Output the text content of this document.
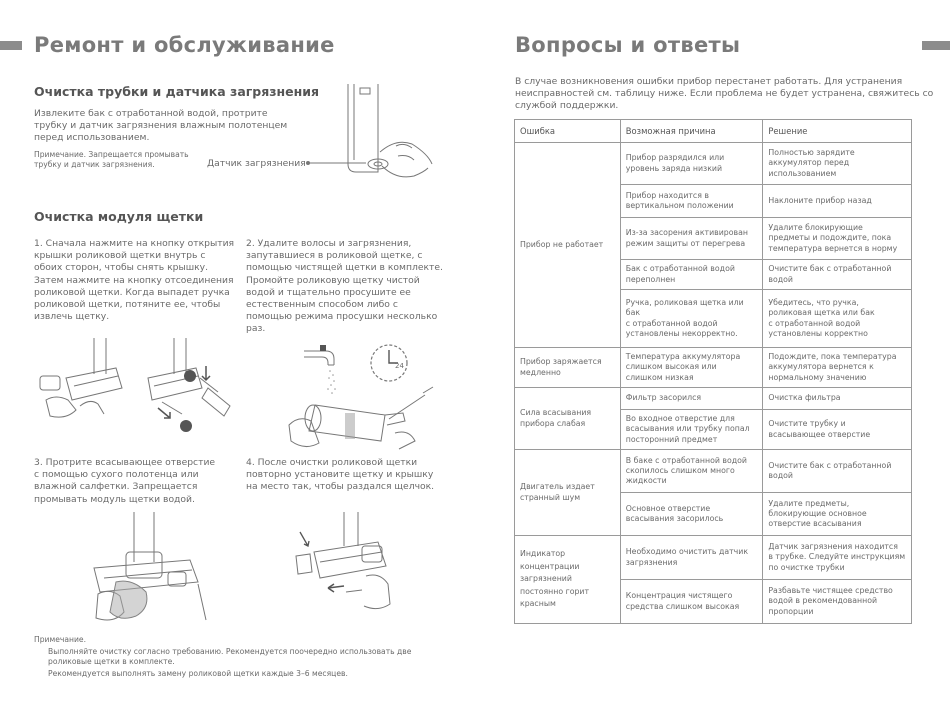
Ремонт и обслуживание
Очистка трубки и датчика загрязнения
Извлеките бак с отработанной водой, протрите
трубку и датчик загрязнения влажным полотенцем
перед использованием.
Примечание. Запрещается промывать
трубку и датчик загрязнения.	Датчик загрязнения
Очистка модуля щетки
1. Сначала нажмите на кнопку открытия
крышки роликовой щетки внутрь с
обоих сторон, чтобы снять крышку.
Затем нажмите на кнопку отсоединения
роликовой щетки. Когда выпадет ручка
роликовой щетки, потяните ее, чтобы
извлечь щетку.
2. Удалите волосы и загрязнения,
запутавшиеся в роликовой щетке, с
помощью чистящей щетки в комплекте.
Промойте роликовую щетку чистой
водой и тщательно просушите ее
естественным способом либо с
помощью режима просушки несколько
раз.
24
3. Протрите всасывающее отверстие
с помощью сухого полотенца или
влажной салфетки. Запрещается
промывать модуль щетки водой.
4. После очистки роликовой щетки
повторно установите щетку и крышку
на место так, чтобы раздался щелчок.
Примечание.
Выполняйте очистку согласно требованию. Рекомендуется поочередно использовать две
роликовые щетки в комплекте.
Рекомендуется выполнять замену роликовой щетки каждые 3–6 месяцев.
Вопросы и ответы
В случае возникновения ошибки прибор перестанет работать. Для устранения
неисправностей см. таблицу ниже. Если проблема не будет устранена, свяжитесь со
службой поддержки.
Ошибка	Возможная причина	Решение
Прибор не работает	Прибор разрядился или
уровень заряда низкий	Полностью зарядите
аккумулятор перед
использованием
	Прибор находится в
вертикальном положении	Наклоните прибор назад
	Из-за засорения активирован
режим защиты от перегрева	Удалите блокирующие
предметы и подождите, пока
температура вернется в норму
	Бак с отработанной водой
переполнен	Очистите бак с отработанной
водой
	Ручка, роликовая щетка или
бак
с отработанной водой
установлены некорректно.	Убедитесь, что ручка,
роликовая щетка или бак
с отработанной водой
установлены корректно
Прибор заряжается
медленно	Температура аккумулятора
слишком высокая или
слишком низкая	Подождите, пока температура
аккумулятора вернется к
нормальному значению
Сила всасывания
прибора слабая	Фильтр засорился	Очистка фильтра
	Во входное отверстие для
всасывания или трубку попал
посторонний предмет	Очистите трубку и
всасывающее отверстие
Двигатель издает
странный шум	В баке с отработанной водой
скопилось слишком много
жидкости	Очистите бак с отработанной
водой
	Основное отверстие
всасывания засорилось	Удалите предметы,
блокирующие основное
отверстие всасывания
Индикатор
концентрации
загрязнений
постоянно горит
красным	Необходимо очистить датчик
загрязнения	Датчик загрязнения находится
в трубке. Следуйте инструкциям
по очистке трубки
	Концентрация чистящего
средства слишком высокая	Разбавьте чистящее средство
водой в рекомендованной
пропорции
